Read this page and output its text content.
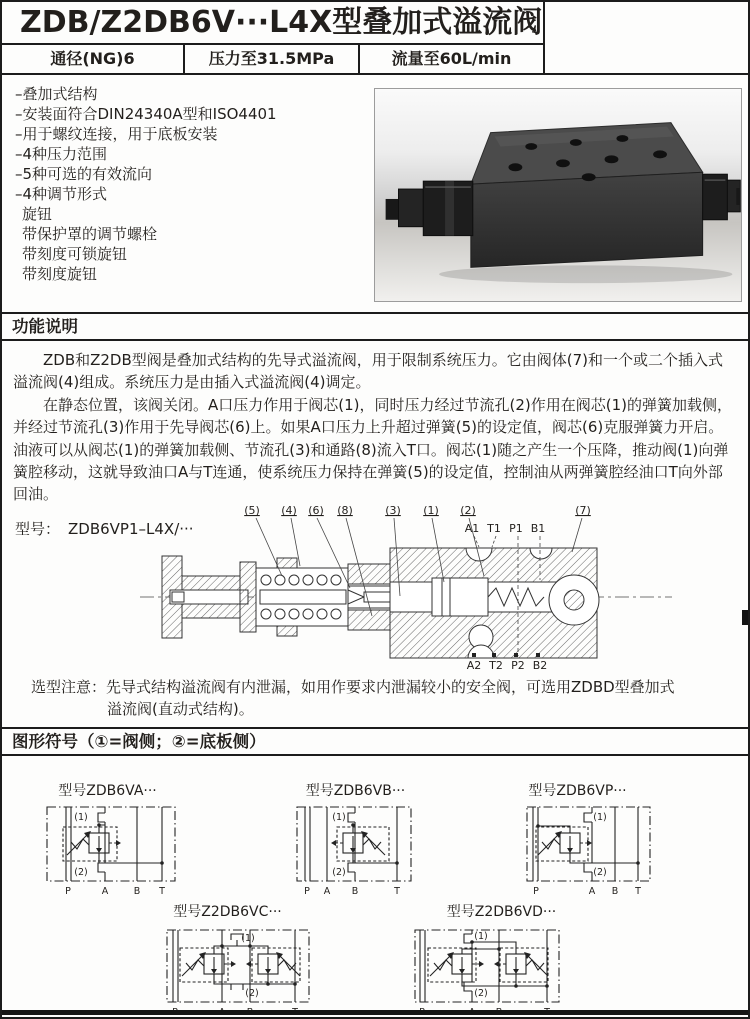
ZDB/Z2DB6V···L4X型叠加式溢流阀
通径(NG)6	压力至31.5MPa	流量至60L/min
–叠加式结构
–安装面符合DIN24340A型和ISO4401
–用于螺纹连接，用于底板安装
–4种压力范围
–5种可选的有效流向
–4种调节形式
旋钮
带保护罩的调节螺栓
带刻度可锁旋钮
带刻度旋钮
功能说明

ZDB和Z2DB型阀是叠加式结构的先导式溢流阀，用于限制系统压力。它由阀体(7)和一个或二个插入式溢流阀(4)组成。系统压力是由插入式溢流阀(4)调定。

在静态位置，该阀关闭。A口压力作用于阀芯(1)，同时压力经过节流孔(2)作用在阀芯(1)的弹簧加载侧，并经过节流孔(3)作用于先导阀芯(6)上。如果A口压力上升超过弹簧(5)的设定值，阀芯(6)克服弹簧力开启。油液可以从阀芯(1)的弹簧加载侧、节流孔(3)和通路(8)流入T口。阀芯(1)随之产生一个压降，推动阀(1)向弹簧腔移动，这就导致油口A与T连通，使系统压力保持在弹簧(5)的设定值，控制油从两弹簧腔经油口T向外部回油。

型号： ZDB6VP1–L4X/···
(5) (4) (6) (8)	(3) (1) (2)	(7)
A1 T1 P1 B1
A2 T2 P2 B2
选型注意：先导式结构溢流阀有内泄漏，如用作要求内泄漏较小的安全阀，可选用ZDBD型叠加式
溢流阀(直动式结构)。
图形符号（①=阀侧；②=底板侧）
型号ZDB6VA···
(1)
(2)
P	A	B T
型号ZDB6VB···
(1)
(2)
P A B	T
型号ZDB6VP···
(1)
(2)
P	A B T
型号Z2DB6VC···
(1)
(2)
型号Z2DB6VD···
(1)
(2)
